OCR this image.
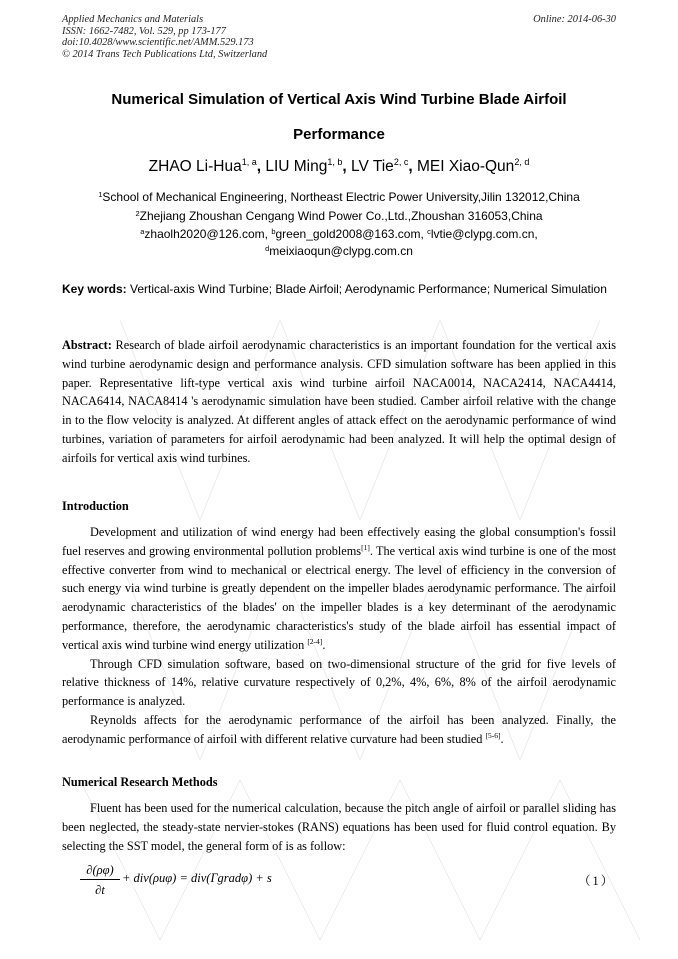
Applied Mechanics and Materials
ISSN: 1662-7482, Vol. 529, pp 173-177
doi:10.4028/www.scientific.net/AMM.529.173
© 2014 Trans Tech Publications Ltd, Switzerland
Online: 2014-06-30
Numerical Simulation of Vertical Axis Wind Turbine Blade Airfoil
Performance
ZHAO Li-Hua$^{1, a}$, LIU Ming$^{1, b}$, LV Tie$^{2, c}$, MEI Xiao-Qun$^{2, d}$
$^1$School of Mechanical Engineering, Northeast Electric Power University,Jilin 132012,China
$^2$Zhejiang Zhoushan Cengang Wind Power Co.,Ltd.,Zhoushan 316053,China
$^a$zhaolh2020@126.com, $^b$green_gold2008@163.com, $^c$lvtie@clypg.com.cn,
$^d$meixiaoqun@clypg.com.cn
Key words: Vertical-axis Wind Turbine; Blade Airfoil; Aerodynamic Performance; Numerical Simulation
Abstract: Research of blade airfoil aerodynamic characteristics is an important foundation for the vertical axis wind turbine aerodynamic design and performance analysis. CFD simulation software has been applied in this paper. Representative lift-type vertical axis wind turbine airfoil NACA0014, NACA2414, NACA4414, NACA6414, NACA8414 's aerodynamic simulation have been studied. Camber airfoil relative with the change in to the flow velocity is analyzed. At different angles of attack effect on the aerodynamic performance of wind turbines, variation of parameters for airfoil aerodynamic had been analyzed. It will help the optimal design of airfoils for vertical axis wind turbines.
Introduction

Development and utilization of wind energy had been effectively easing the global consumption's fossil fuel reserves and growing environmental pollution problems[1]. The vertical axis wind turbine is one of the most effective converter from wind to mechanical or electrical energy. The level of efficiency in the conversion of such energy via wind turbine is greatly dependent on the impeller blades aerodynamic performance. The airfoil aerodynamic characteristics of the blades' on the impeller blades is a key determinant of the aerodynamic performance, therefore, the aerodynamic characteristics's study of the blade airfoil has essential impact of vertical axis wind turbine wind energy utilization [2-4].

Through CFD simulation software, based on two-dimensional structure of the grid for five levels of relative thickness of 14%, relative curvature respectively of 0,2%, 4%, 6%, 8% of the airfoil aerodynamic performance is analyzed.

Reynolds affects for the aerodynamic performance of the airfoil has been analyzed. Finally, the aerodynamic performance of airfoil with different relative curvature had been studied [5-6].

Numerical Research Methods

Fluent has been used for the numerical calculation, because the pitch angle of airfoil or parallel sliding has been neglected, the steady-state nervier-stokes (RANS) equations has been used for fluid control equation. By selecting the SST model, the general form of is as follow:

∂(ρφ)
∂t
+ div(ρuφ) = div(Γgradφ) + s	（1）
